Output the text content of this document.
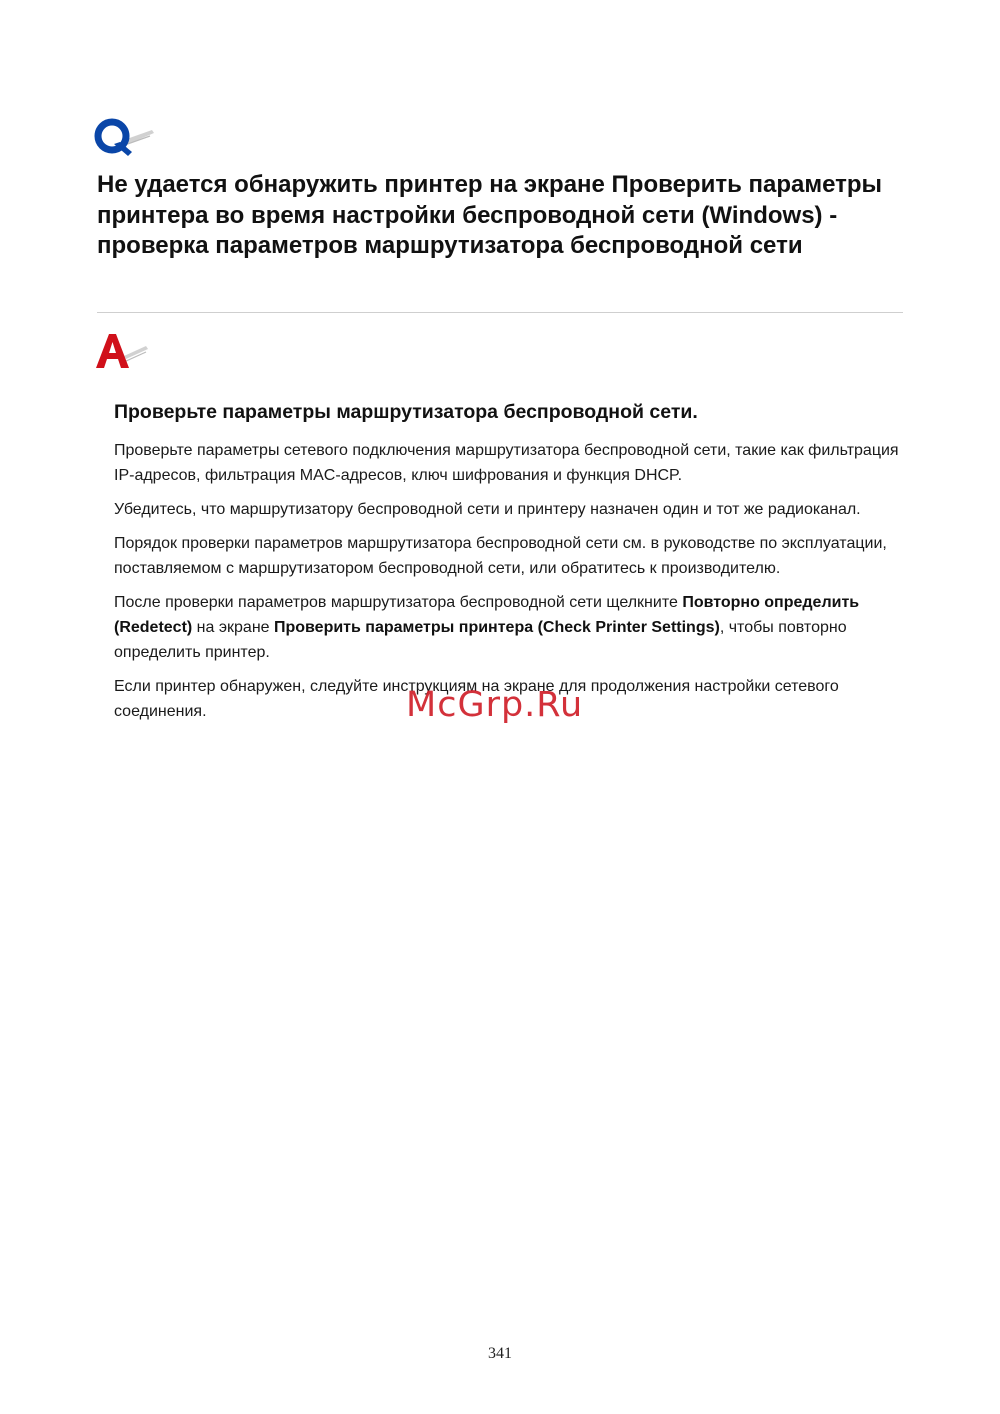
Не удается обнаружить принтер на экране Проверить параметры принтера во время настройки беспроводной сети (Windows) - проверка параметров маршрутизатора беспроводной сети
Проверьте параметры маршрутизатора беспроводной сети.

Проверьте параметры сетевого подключения маршрутизатора беспроводной сети, такие как фильтрация IP-адресов, фильтрация MAC-адресов, ключ шифрования и функция DHCP.

Убедитесь, что маршрутизатору беспроводной сети и принтеру назначен один и тот же радиоканал.

Порядок проверки параметров маршрутизатора беспроводной сети см. в руководстве по эксплуатации, поставляемом с маршрутизатором беспроводной сети, или обратитесь к производителю.

После проверки параметров маршрутизатора беспроводной сети щелкните Повторно определить (Redetect) на экране Проверить параметры принтера (Check Printer Settings), чтобы повторно определить принтер.

Если принтер обнаружен, следуйте инструкциям на экране для продолжения настройки сетевого соединения.	McGrp.Ru
341
